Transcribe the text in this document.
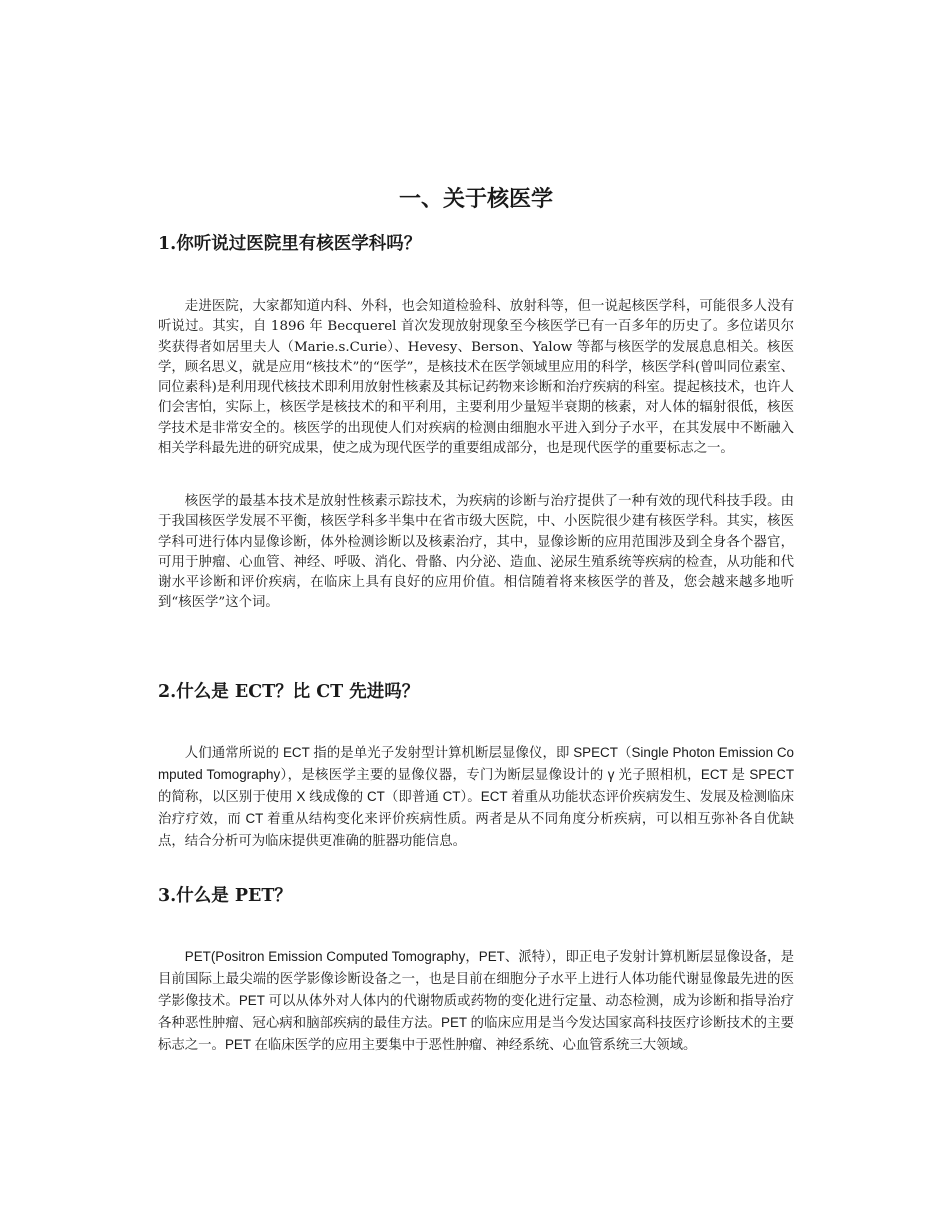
一、关于核医学
1.你听说过医院里有核医学科吗？

走进医院，大家都知道内科、外科，也会知道检验科、放射科等，但一说起核医学科，可能很多人没有听说过。其实，自 1896 年 Becquerel 首次发现放射现象至今核医学已有一百多年的历史了。多位诺贝尔奖获得者如居里夫人（Marie.s.Curie）、Hevesy、Berson、Yalow 等都与核医学的发展息息相关。核医学，顾名思义，就是应用“核技术”的“医学”，是核技术在医学领域里应用的科学，核医学科(曾叫同位素室、同位素科)是利用现代核技术即利用放射性核素及其标记药物来诊断和治疗疾病的科室。提起核技术，也许人们会害怕，实际上，核医学是核技术的和平利用，主要利用少量短半衰期的核素，对人体的辐射很低，核医学技术是非常安全的。核医学的出现使人们对疾病的检测由细胞水平进入到分子水平，在其发展中不断融入相关学科最先进的研究成果，使之成为现代医学的重要组成部分，也是现代医学的重要标志之一。

核医学的最基本技术是放射性核素示踪技术，为疾病的诊断与治疗提供了一种有效的现代科技手段。由于我国核医学发展不平衡，核医学科多半集中在省市级大医院，中、小医院很少建有核医学科。其实，核医学科可进行体内显像诊断，体外检测诊断以及核素治疗，其中，显像诊断的应用范围涉及到全身各个器官，可用于肿瘤、心血管、神经、呼吸、消化、骨骼、内分泌、造血、泌尿生殖系统等疾病的检查，从功能和代谢水平诊断和评价疾病，在临床上具有良好的应用价值。相信随着将来核医学的普及，您会越来越多地听到“核医学”这个词。

2.什么是 ECT？比 CT 先进吗？

人们通常所说的 ECT 指的是单光子发射型计算机断层显像仪，即 SPECT（Single Photon Emission Computed Tomography），是核医学主要的显像仪器，专门为断层显像设计的 γ 光子照相机，ECT 是 SPECT 的简称，以区别于使用 X 线成像的 CT（即普通 CT）。ECT 着重从功能状态评价疾病发生、发展及检测临床治疗疗效，而 CT 着重从结构变化来评价疾病性质。两者是从不同角度分析疾病，可以相互弥补各自优缺点，结合分析可为临床提供更准确的脏器功能信息。

3.什么是 PET？

PET(Positron Emission Computed Tomography，PET、派特），即正电子发射计算机断层显像设备，是目前国际上最尖端的医学影像诊断设备之一，也是目前在细胞分子水平上进行人体功能代谢显像最先进的医学影像技术。PET 可以从体外对人体内的代谢物质或药物的变化进行定量、动态检测，成为诊断和指导治疗各种恶性肿瘤、冠心病和脑部疾病的最佳方法。PET 的临床应用是当今发达国家高科技医疗诊断技术的主要标志之一。PET 在临床医学的应用主要集中于恶性肿瘤、神经系统、心血管系统三大领域。
